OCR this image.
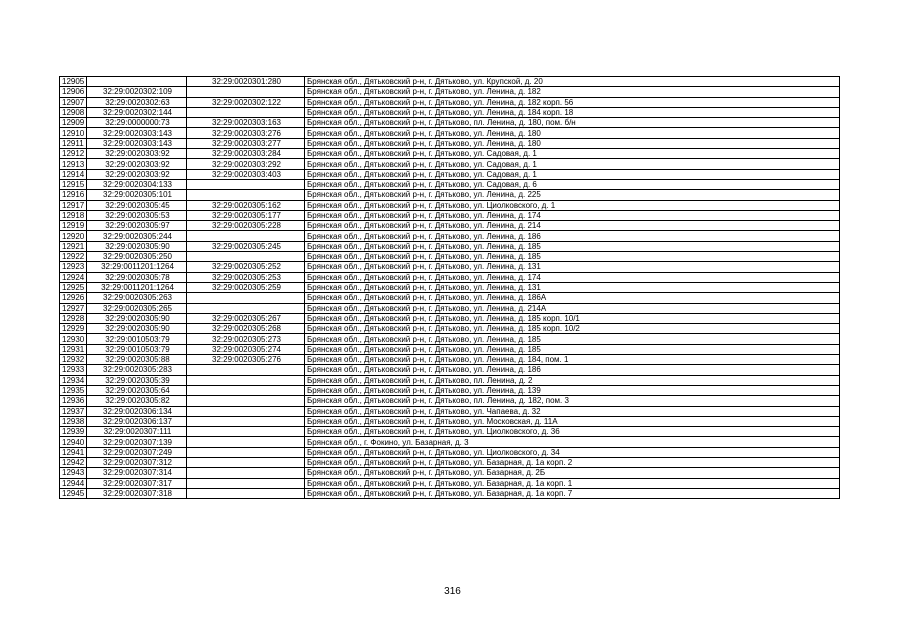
12905		32:29:0020301:280	Брянская обл., Дятьковский р-н, г. Дятьково, ул. Крупской, д. 20
12906	32:29:0020302:109		Брянская обл., Дятьковский р-н, г. Дятьково, ул. Ленина, д. 182
12907	32:29:0020302:63	32:29:0020302:122	Брянская обл., Дятьковский р-н, г. Дятьково, ул. Ленина, д. 182 корп. 56
12908	32:29:0020302:144		Брянская обл., Дятьковский р-н, г. Дятьково, ул. Ленина, д. 184 корп. 18
12909	32:29:0000000:73	32:29:0020303:163	Брянская обл., Дятьковский р-н, г. Дятьково, пл. Ленина, д. 180, пом. б/н
12910	32:29:0020303:143	32:29:0020303:276	Брянская обл., Дятьковский р-н, г. Дятьково, ул. Ленина, д. 180
12911	32:29:0020303:143	32:29:0020303:277	Брянская обл., Дятьковский р-н, г. Дятьково, ул. Ленина, д. 180
12912	32:29:0020303:92	32:29:0020303:284	Брянская обл., Дятьковский р-н, г. Дятьково, ул. Садовая, д. 1
12913	32:29:0020303:92	32:29:0020303:292	Брянская обл., Дятьковский р-н, г. Дятьково, ул. Садовая, д. 1
12914	32:29:0020303:92	32:29:0020303:403	Брянская обл., Дятьковский р-н, г. Дятьково, ул. Садовая, д. 1
12915	32:29:0020304:133		Брянская обл., Дятьковский р-н, г. Дятьково, ул. Садовая, д. 6
12916	32:29:0020305:101		Брянская обл., Дятьковский р-н, г. Дятьково, ул. Ленина, д. 225
12917	32:29:0020305:45	32:29:0020305:162	Брянская обл., Дятьковский р-н, г. Дятьково, ул. Циолковского, д. 1
12918	32:29:0020305:53	32:29:0020305:177	Брянская обл., Дятьковский р-н, г. Дятьково, ул. Ленина, д. 174
12919	32:29:0020305:97	32:29:0020305:228	Брянская обл., Дятьковский р-н, г. Дятьково, ул. Ленина, д. 214
12920	32:29:0020305:244		Брянская обл., Дятьковский р-н, г. Дятьково, ул. Ленина, д. 186
12921	32:29:0020305:90	32:29:0020305:245	Брянская обл., Дятьковский р-н, г. Дятьково, ул. Ленина, д. 185
12922	32:29:0020305:250		Брянская обл., Дятьковский р-н, г. Дятьково, ул. Ленина, д. 185
12923	32:29:0011201:1264	32:29:0020305:252	Брянская обл., Дятьковский р-н, г. Дятьково, ул. Ленина, д. 131
12924	32:29:0020305:78	32:29:0020305:253	Брянская обл., Дятьковский р-н, г. Дятьково, ул. Ленина, д. 174
12925	32:29:0011201:1264	32:29:0020305:259	Брянская обл., Дятьковский р-н, г. Дятьково, ул. Ленина, д. 131
12926	32:29:0020305:263		Брянская обл., Дятьковский р-н, г. Дятьково, ул. Ленина, д. 186А
12927	32:29:0020305:265		Брянская обл., Дятьковский р-н, г. Дятьково, ул. Ленина, д. 214А
12928	32:29:0020305:90	32:29:0020305:267	Брянская обл., Дятьковский р-н, г. Дятьково, ул. Ленина, д. 185 корп. 10/1
12929	32:29:0020305:90	32:29:0020305:268	Брянская обл., Дятьковский р-н, г. Дятьково, ул. Ленина, д. 185 корп. 10/2
12930	32:29:0010503:79	32:29:0020305:273	Брянская обл., Дятьковский р-н, г. Дятьково, ул. Ленина, д. 185
12931	32:29:0010503:79	32:29:0020305:274	Брянская обл., Дятьковский р-н, г. Дятьково, ул. Ленина, д. 185
12932	32:29:0020305:88	32:29:0020305:276	Брянская обл., Дятьковский р-н, г. Дятьково, ул. Ленина, д. 184, пом. 1
12933	32:29:0020305:283		Брянская обл., Дятьковский р-н, г. Дятьково, ул. Ленина, д. 186
12934	32:29:0020305:39		Брянская обл., Дятьковский р-н, г. Дятьково, пл. Ленина, д. 2
12935	32:29:0020305:64		Брянская обл., Дятьковский р-н, г. Дятьково, ул. Ленина, д. 139
12936	32:29:0020305:82		Брянская обл., Дятьковский р-н, г. Дятьково, пл. Ленина, д. 182, пом. 3
12937	32:29:0020306:134		Брянская обл., Дятьковский р-н, г. Дятьково, ул. Чапаева, д. 32
12938	32:29:0020306:137		Брянская обл., Дятьковский р-н, г. Дятьково, ул. Московская, д. 11А
12939	32:29:0020307:111		Брянская обл., Дятьковский р-н, г. Дятьково, ул. Циолковского, д. 36
12940	32:29:0020307:139		Брянская обл., г. Фокино, ул. Базарная, д. 3
12941	32:29:0020307:249		Брянская обл., Дятьковский р-н, г. Дятьково, ул. Циолковского, д. 34
12942	32:29:0020307:312		Брянская обл., Дятьковский р-н, г. Дятьково, ул. Базарная, д. 1а корп. 2
12943	32:29:0020307:314		Брянская обл., Дятьковский р-н, г. Дятьково, ул. Базарная, д. 2Б
12944	32:29:0020307:317		Брянская обл., Дятьковский р-н, г. Дятьково, ул. Базарная, д. 1а корп. 1
12945	32:29:0020307:318		Брянская обл., Дятьковский р-н, г. Дятьково, ул. Базарная, д. 1а корп. 7
316
